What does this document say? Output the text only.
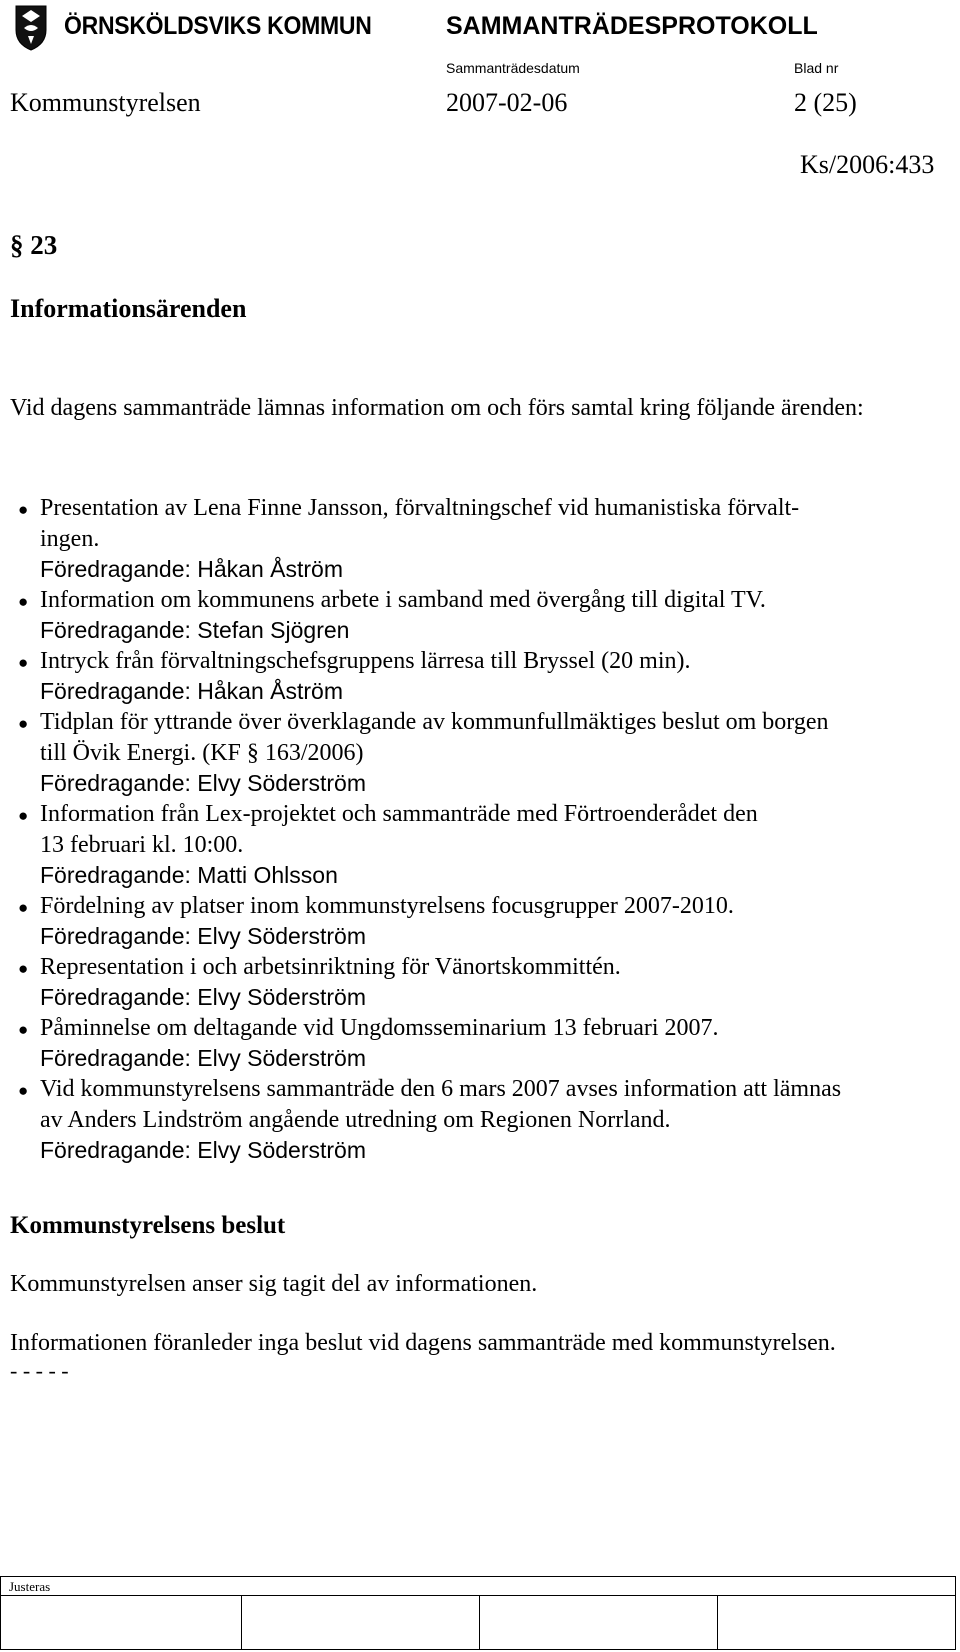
ÖRNSKÖLDSVIKS KOMMUN	SAMMANTRÄDESPROTOKOLL
Sammanträdesdatum	Blad nr
Kommunstyrelsen	2007-02-06	2 (25)
Ks/2006:433
§ 23
Informationsärenden
Vid dagens sammanträde lämnas information om och förs samtal kring följande ärenden:
● Presentation av Lena Finne Jansson, förvaltningschef vid humanistiska förvalt-
ingen.
Föredragande: Håkan Åström
● Information om kommunens arbete i samband med övergång till digital TV.
Föredragande: Stefan Sjögren
● Intryck från förvaltningschefsgruppens lärresa till Bryssel (20 min).
Föredragande: Håkan Åström
● Tidplan för yttrande över överklagande av kommunfullmäktiges beslut om borgen
till Övik Energi. (KF § 163/2006)
Föredragande: Elvy Söderström
● Information från Lex-projektet och sammanträde med Förtroenderådet den
13 februari kl. 10:00.
Föredragande: Matti Ohlsson
● Fördelning av platser inom kommunstyrelsens focusgrupper 2007-2010.
Föredragande: Elvy Söderström
● Representation i och arbetsinriktning för Vänortskommittén.
Föredragande: Elvy Söderström
● Påminnelse om deltagande vid Ungdomsseminarium 13 februari 2007.
Föredragande: Elvy Söderström
● Vid kommunstyrelsens sammanträde den 6 mars 2007 avses information att lämnas
av Anders Lindström angående utredning om Regionen Norrland.
Föredragande: Elvy Söderström
Kommunstyrelsens beslut
Kommunstyrelsen anser sig tagit del av informationen.
Informationen föranleder inga beslut vid dagens sammanträde med kommunstyrelsen.
- - - - -
Justeras
